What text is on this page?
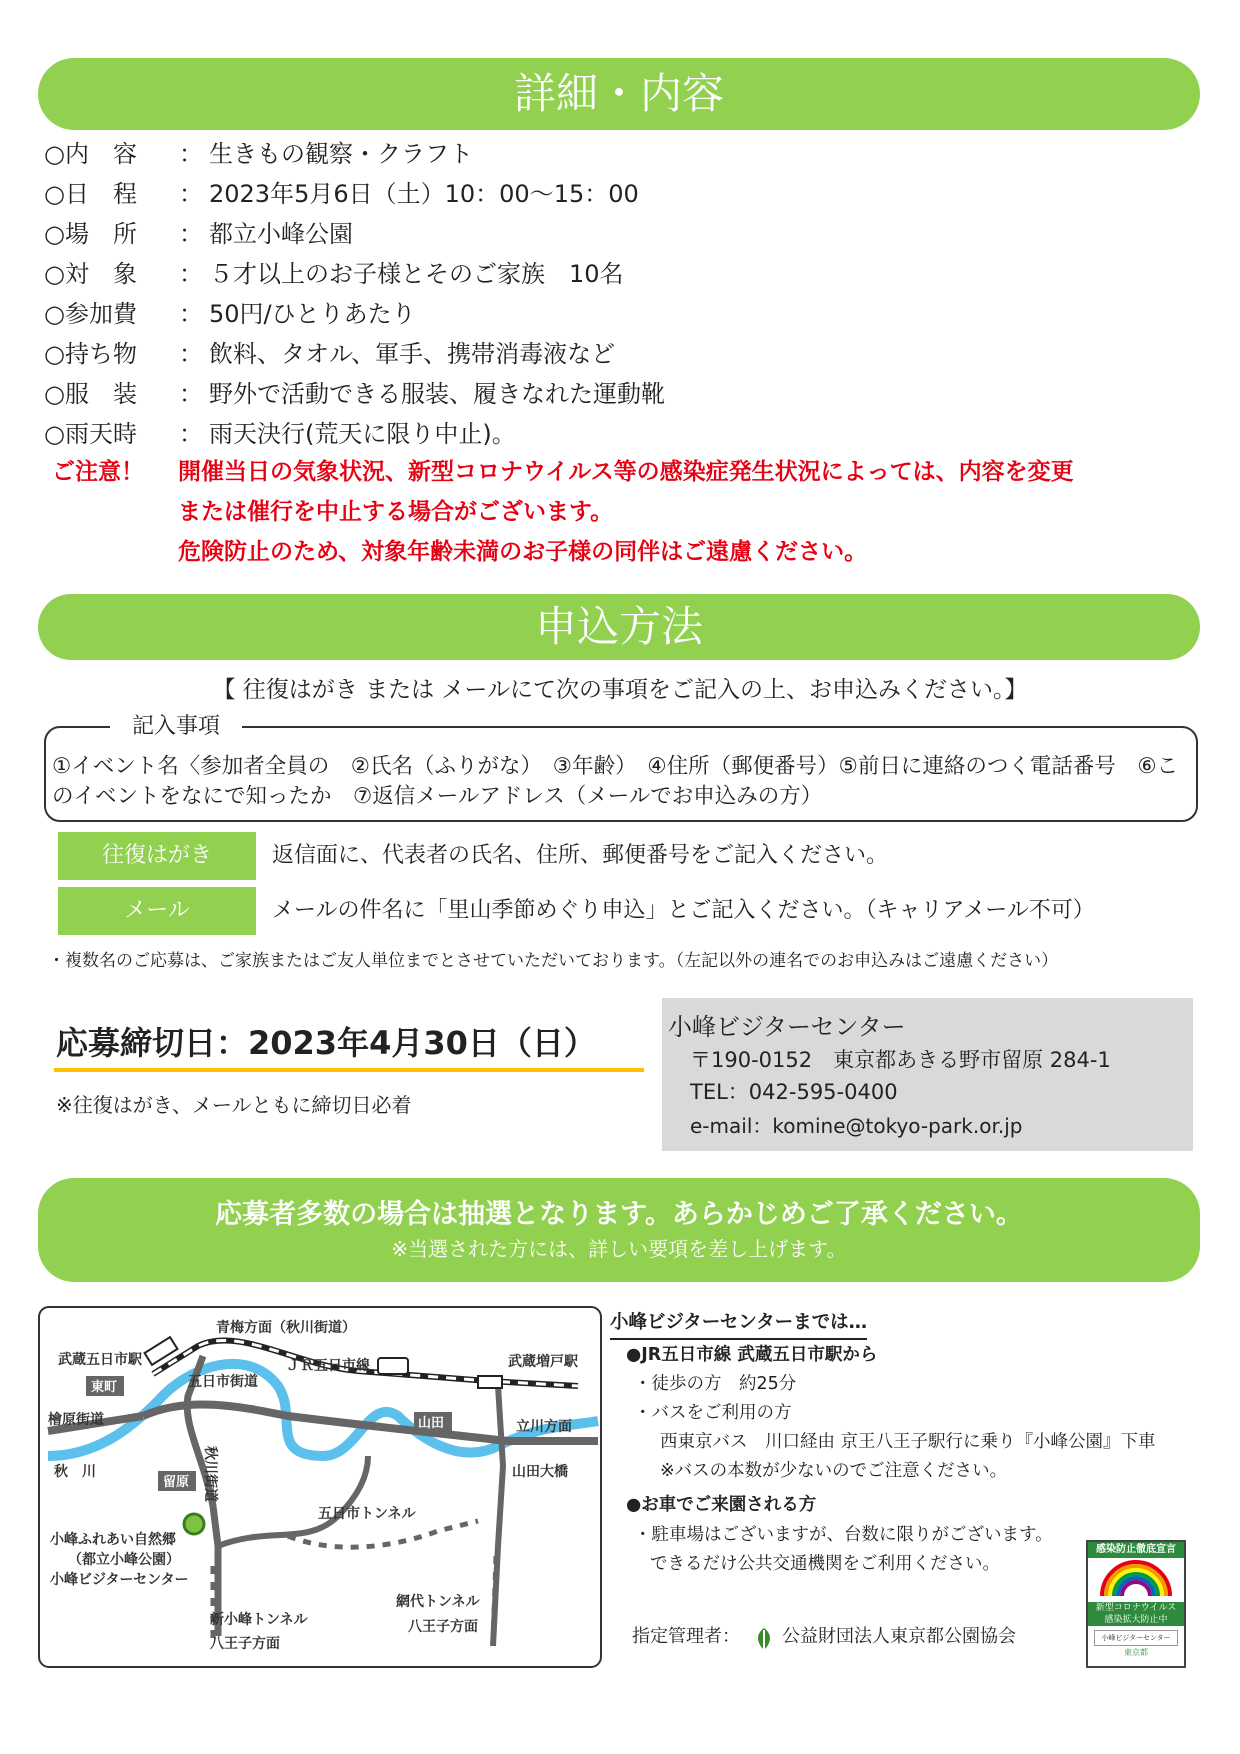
詳細・内容
○内　容 ： 生きもの観察・クラフト
○日　程 ： 2023年5月6日（土）10：00～15：00
○場　所 ： 都立小峰公園
○対　象 ： ５才以上のお子様とそのご家族　10名
○参加費 ： 50円/ひとりあたり
○持ち物 ： 飲料、タオル、軍手、携帯消毒液など
○服　装 ： 野外で活動できる服装、履きなれた運動靴
○雨天時 ： 雨天決行(荒天に限り中止)。
ご注意！ 開催当日の気象状況、新型コロナウイルス等の感染症発生状況によっては、内容を変更
または催行を中止する場合がございます。
危険防止のため、対象年齢未満のお子様の同伴はご遠慮ください。
申込方法
【 往復はがき または メールにて次の事項をご記入の上、お申込みください。】
記入事項
①イベント名〈参加者全員の　②氏名（ふりがな）　③年齢）　④住所（郵便番号）⑤前日に連絡のつく電話番号　⑥このイベントをなにで知ったか　⑦返信メールアドレス（メールでお申込みの方）
往復はがき	返信面に、代表者の氏名、住所、郵便番号をご記入ください。
メール	メールの件名に「里山季節めぐり申込」とご記入ください。（キャリアメール不可）
・複数名のご応募は、ご家族またはご友人単位までとさせていただいております。（左記以外の連名でのお申込みはご遠慮ください）
応募締切日：2023年4月30日（日）
※往復はがき、メールともに締切日必着
小峰ビジターセンター
〒190-0152　東京都あきる野市留原 284-1
TEL：042-595-0400
e-mail：komine@tokyo-park.or.jp
応募者多数の場合は抽選となります。あらかじめご了承ください。
※当選された方には、詳しい要項を差し上げます。
青梅方面（秋川街道）
武蔵五日市駅	ＪＲ五日市線	武蔵増戸駅
東町	五日市街道
檜原街道	山田	立川方面
秋　川	山田大橋
留原
五日市トンネル
小峰ふれあい自然郷
（都立小峰公園）
小峰ビジターセンター
新小峰トンネル
八王子方面
網代トンネル
八王子方面
秋川街道
小峰ビジターセンターまでは…
●JR五日市線 武蔵五日市駅から
・徒歩の方　約25分
・バスをご利用の方
西東京バス　川口経由 京王八王子駅行に乗り『小峰公園』下車
※バスの本数が少ないのでご注意ください。
●お車でご来園される方
・駐車場はございますが、台数に限りがございます。
できるだけ公共交通機関をご利用ください。
指定管理者： 公益財団法人東京都公園協会
感染防止徹底宣言
新型コロナウイルス
感染拡大防止中
小峰ビジターセンター
東京都
